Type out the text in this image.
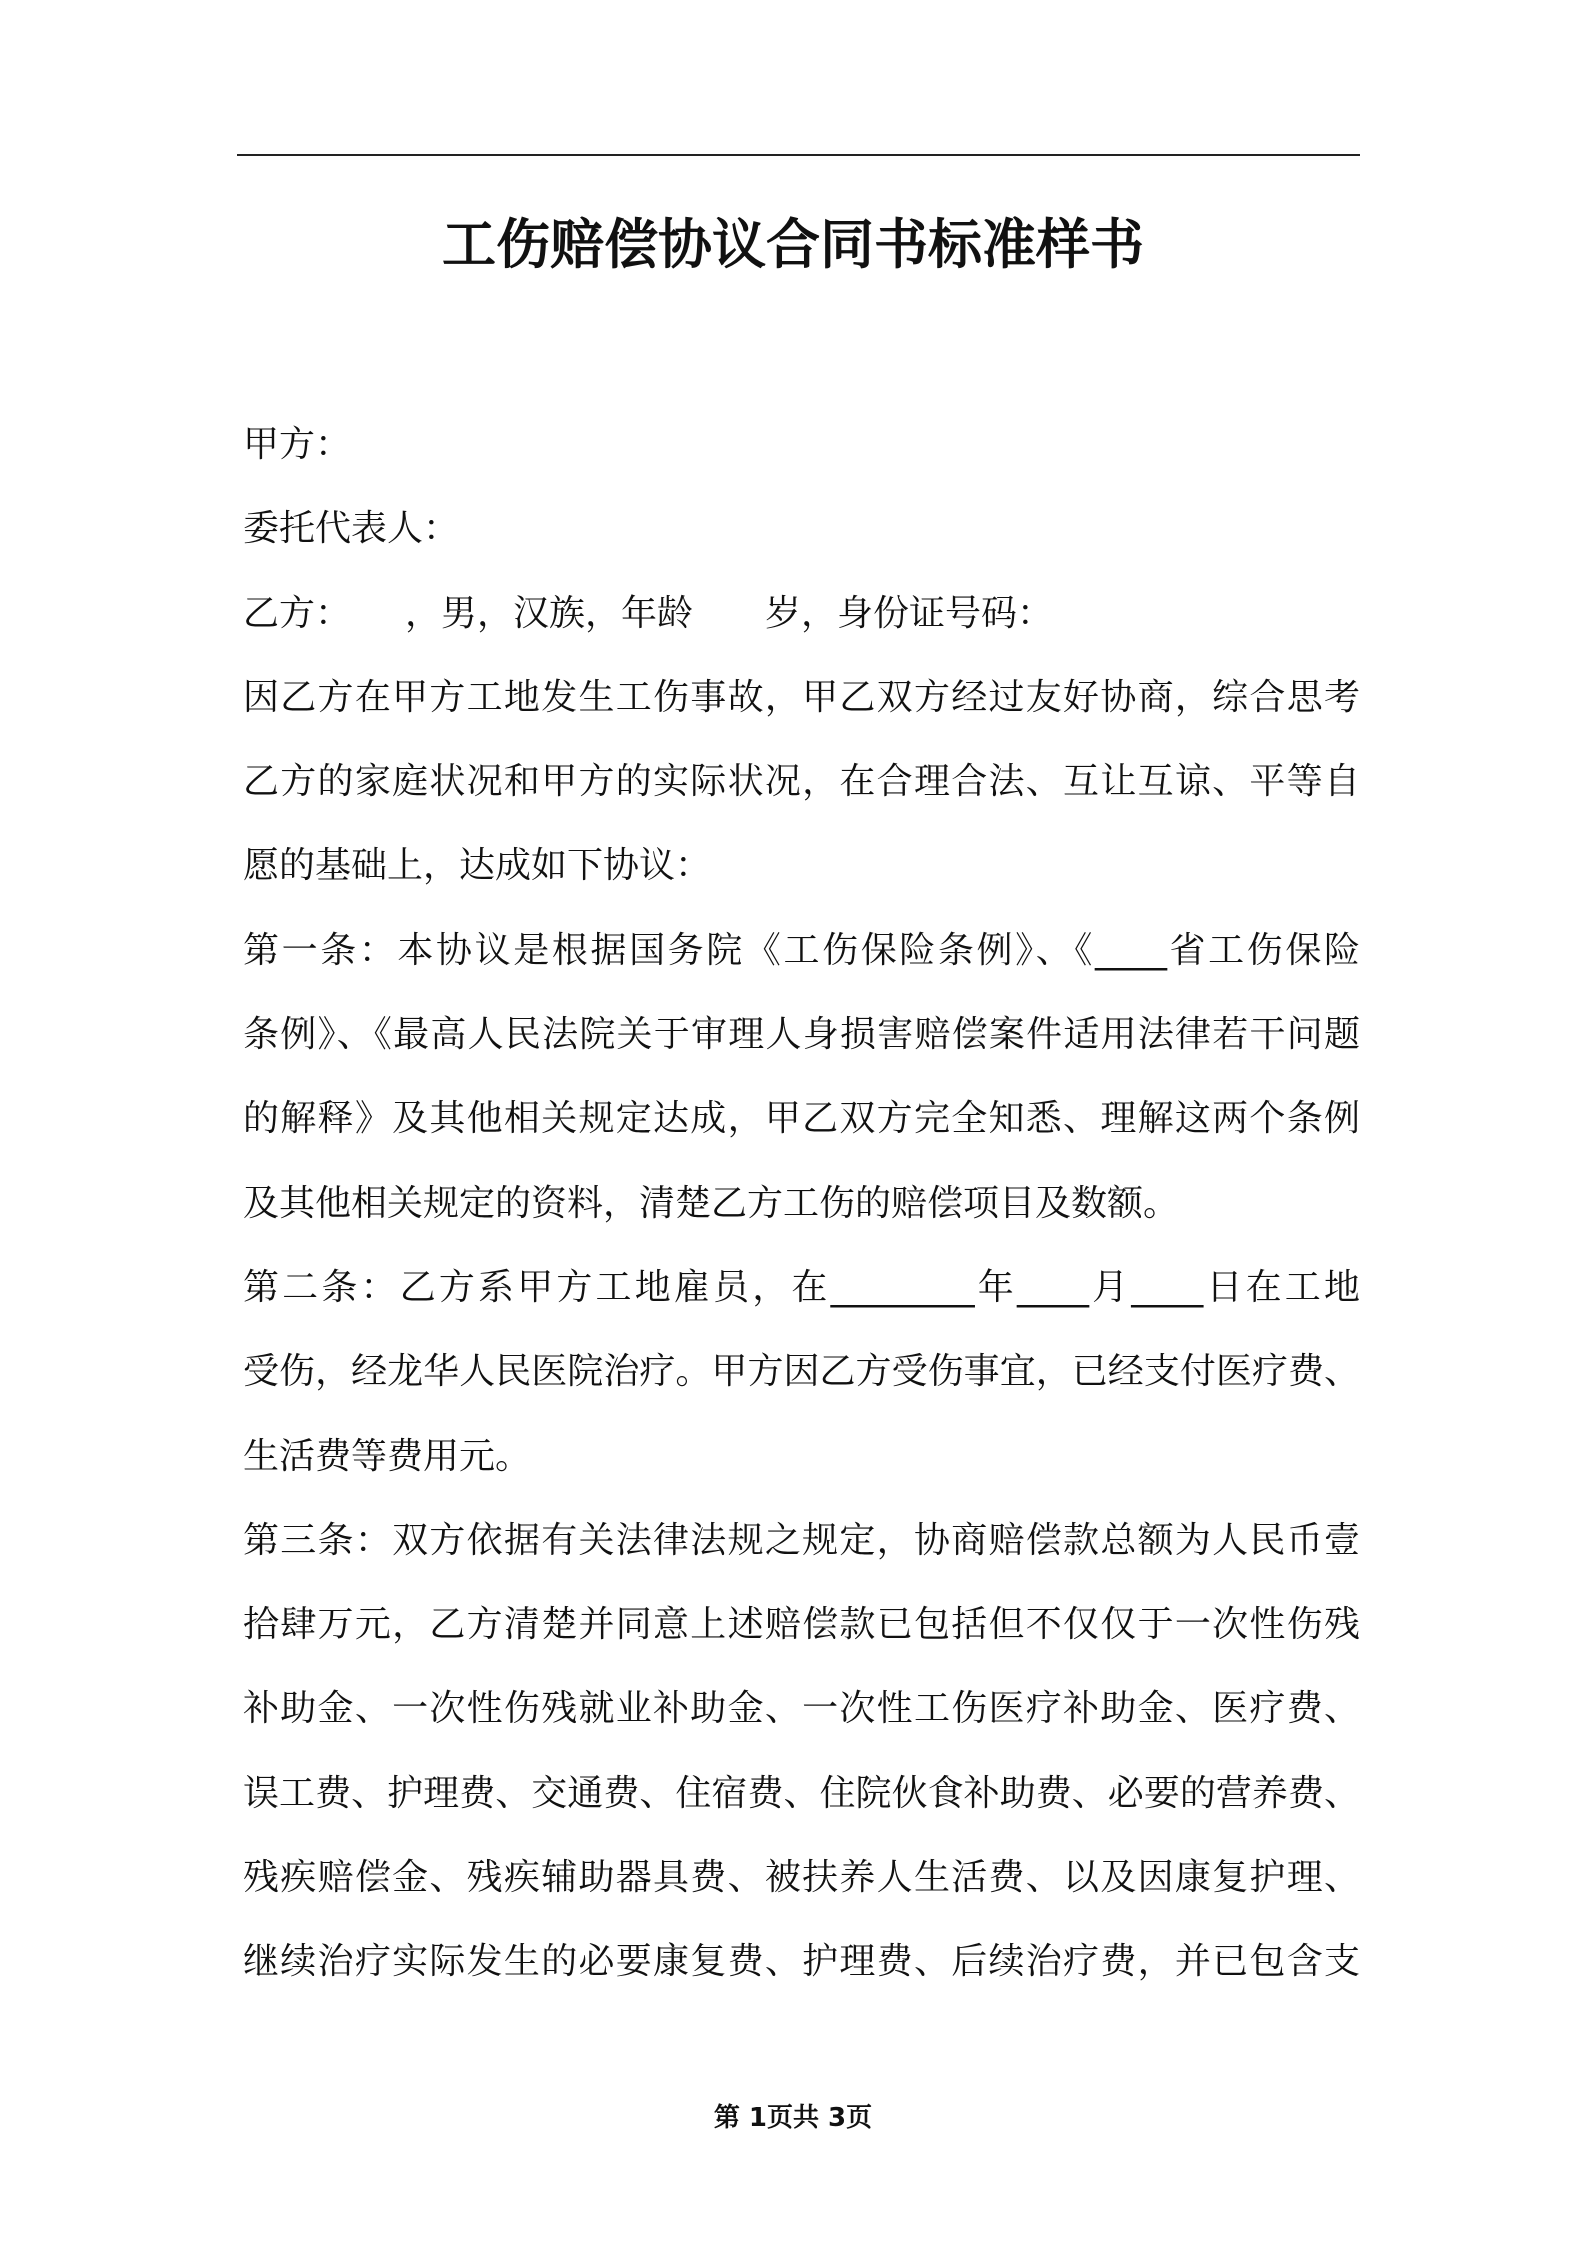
工伤赔偿协议合同书标准样书
甲方：
委托代表人：
乙方：　　，男，汉族，年龄　　岁，身份证号码：
因乙方在甲方工地发生工伤事故，甲乙双方经过友好协商，综合思考
乙方的家庭状况和甲方的实际状况，在合理合法、互让互谅、平等自
愿的基础上，达成如下协议：
第一条：本协议是根据国务院《工伤保险条例》、《____省工伤保险
条例》、《最高人民法院关于审理人身损害赔偿案件适用法律若干问题
的解释》及其他相关规定达成，甲乙双方完全知悉、理解这两个条例
及其他相关规定的资料，清楚乙方工伤的赔偿项目及数额。
第二条：乙方系甲方工地雇员，在________年____月____日在工地
受伤，经龙华人民医院治疗。甲方因乙方受伤事宜，已经支付医疗费、
生活费等费用元。
第三条：双方依据有关法律法规之规定，协商赔偿款总额为人民币壹
拾肆万元，乙方清楚并同意上述赔偿款已包括但不仅仅于一次性伤残
补助金、一次性伤残就业补助金、一次性工伤医疗补助金、医疗费、
误工费、护理费、交通费、住宿费、住院伙食补助费、必要的营养费、
残疾赔偿金、残疾辅助器具费、被扶养人生活费、以及因康复护理、
继续治疗实际发生的必要康复费、护理费、后续治疗费，并已包含支
第 1页共 3页
